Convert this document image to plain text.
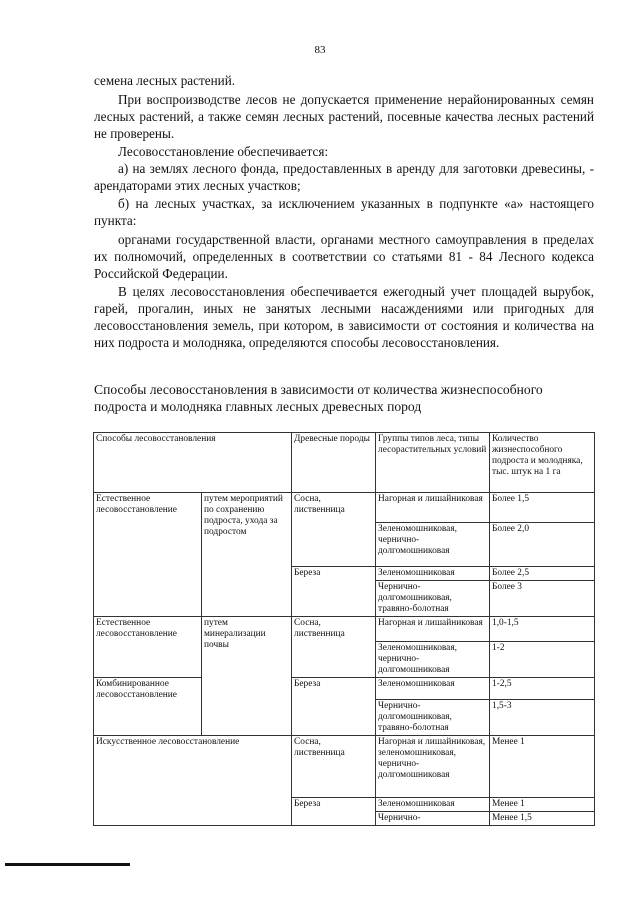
83

семена лесных растений.

При воспроизводстве лесов не допускается применение нерайонированных семян лесных растений, а также семян лесных растений, посевные качества лесных растений не проверены.

Лесовосстановление обеспечивается:

а) на землях лесного фонда, предоставленных в аренду для заготовки древесины, - арендаторами этих лесных участков;

б) на лесных участках, за исключением указанных в подпункте «а» настоящего пункта:

органами государственной власти, органами местного самоуправления в пределах их полномочий, определенных в соответствии со статьями 81 - 84 Лесного кодекса Российской Федерации.

В целях лесовосстановления обеспечивается ежегодный учет площадей вырубок, гарей, прогалин, иных не занятых лесными насаждениями или пригодных для лесовосстановления земель, при котором, в зависимости от состояния и количества на них подроста и молодняка, определяются способы лесовосстановления.

Способы лесовосстановления в зависимости от количества жизнеспособного подроста и молодняка главных лесных древесных пород

Способы лесовосстановления		Древесные породы	Группы типов леса, типы лесорастительных условий	Количество жизнеспособного подроста и молодняка, тыс. штук на 1 га
Естественное лесовосстановление	путем мероприятий по сохранению подроста, ухода за подростом	Сосна, лиственница	Нагорная и лишайниковая	Более 1,5
			Зеленомошниковая, чернично-долгомошниковая	Более 2,0
		Береза	Зеленомошниковая	Более 2,5
			Чернично-долгомошниковая, травяно-болотная	Более 3
Естественное лесовосстановление	путем минерализации почвы	Сосна, лиственница	Нагорная и лишайниковая	1,0-1,5
			Зеленомошниковая, чернично-долгомошниковая	1-2
Комбинированное лесовосстановление		Береза	Зеленомошниковая	1-2,5
			Чернично-долгомошниковая, травяно-болотная	1,5-3
Искусственное лесовосстановление		Сосна, лиственница	Нагорная и лишайниковая, зеленомошниковая, чернично-долгомошниковая	Менее 1
		Береза	Зеленомошниковая	Менее 1
			Чернично-	Менее 1,5
